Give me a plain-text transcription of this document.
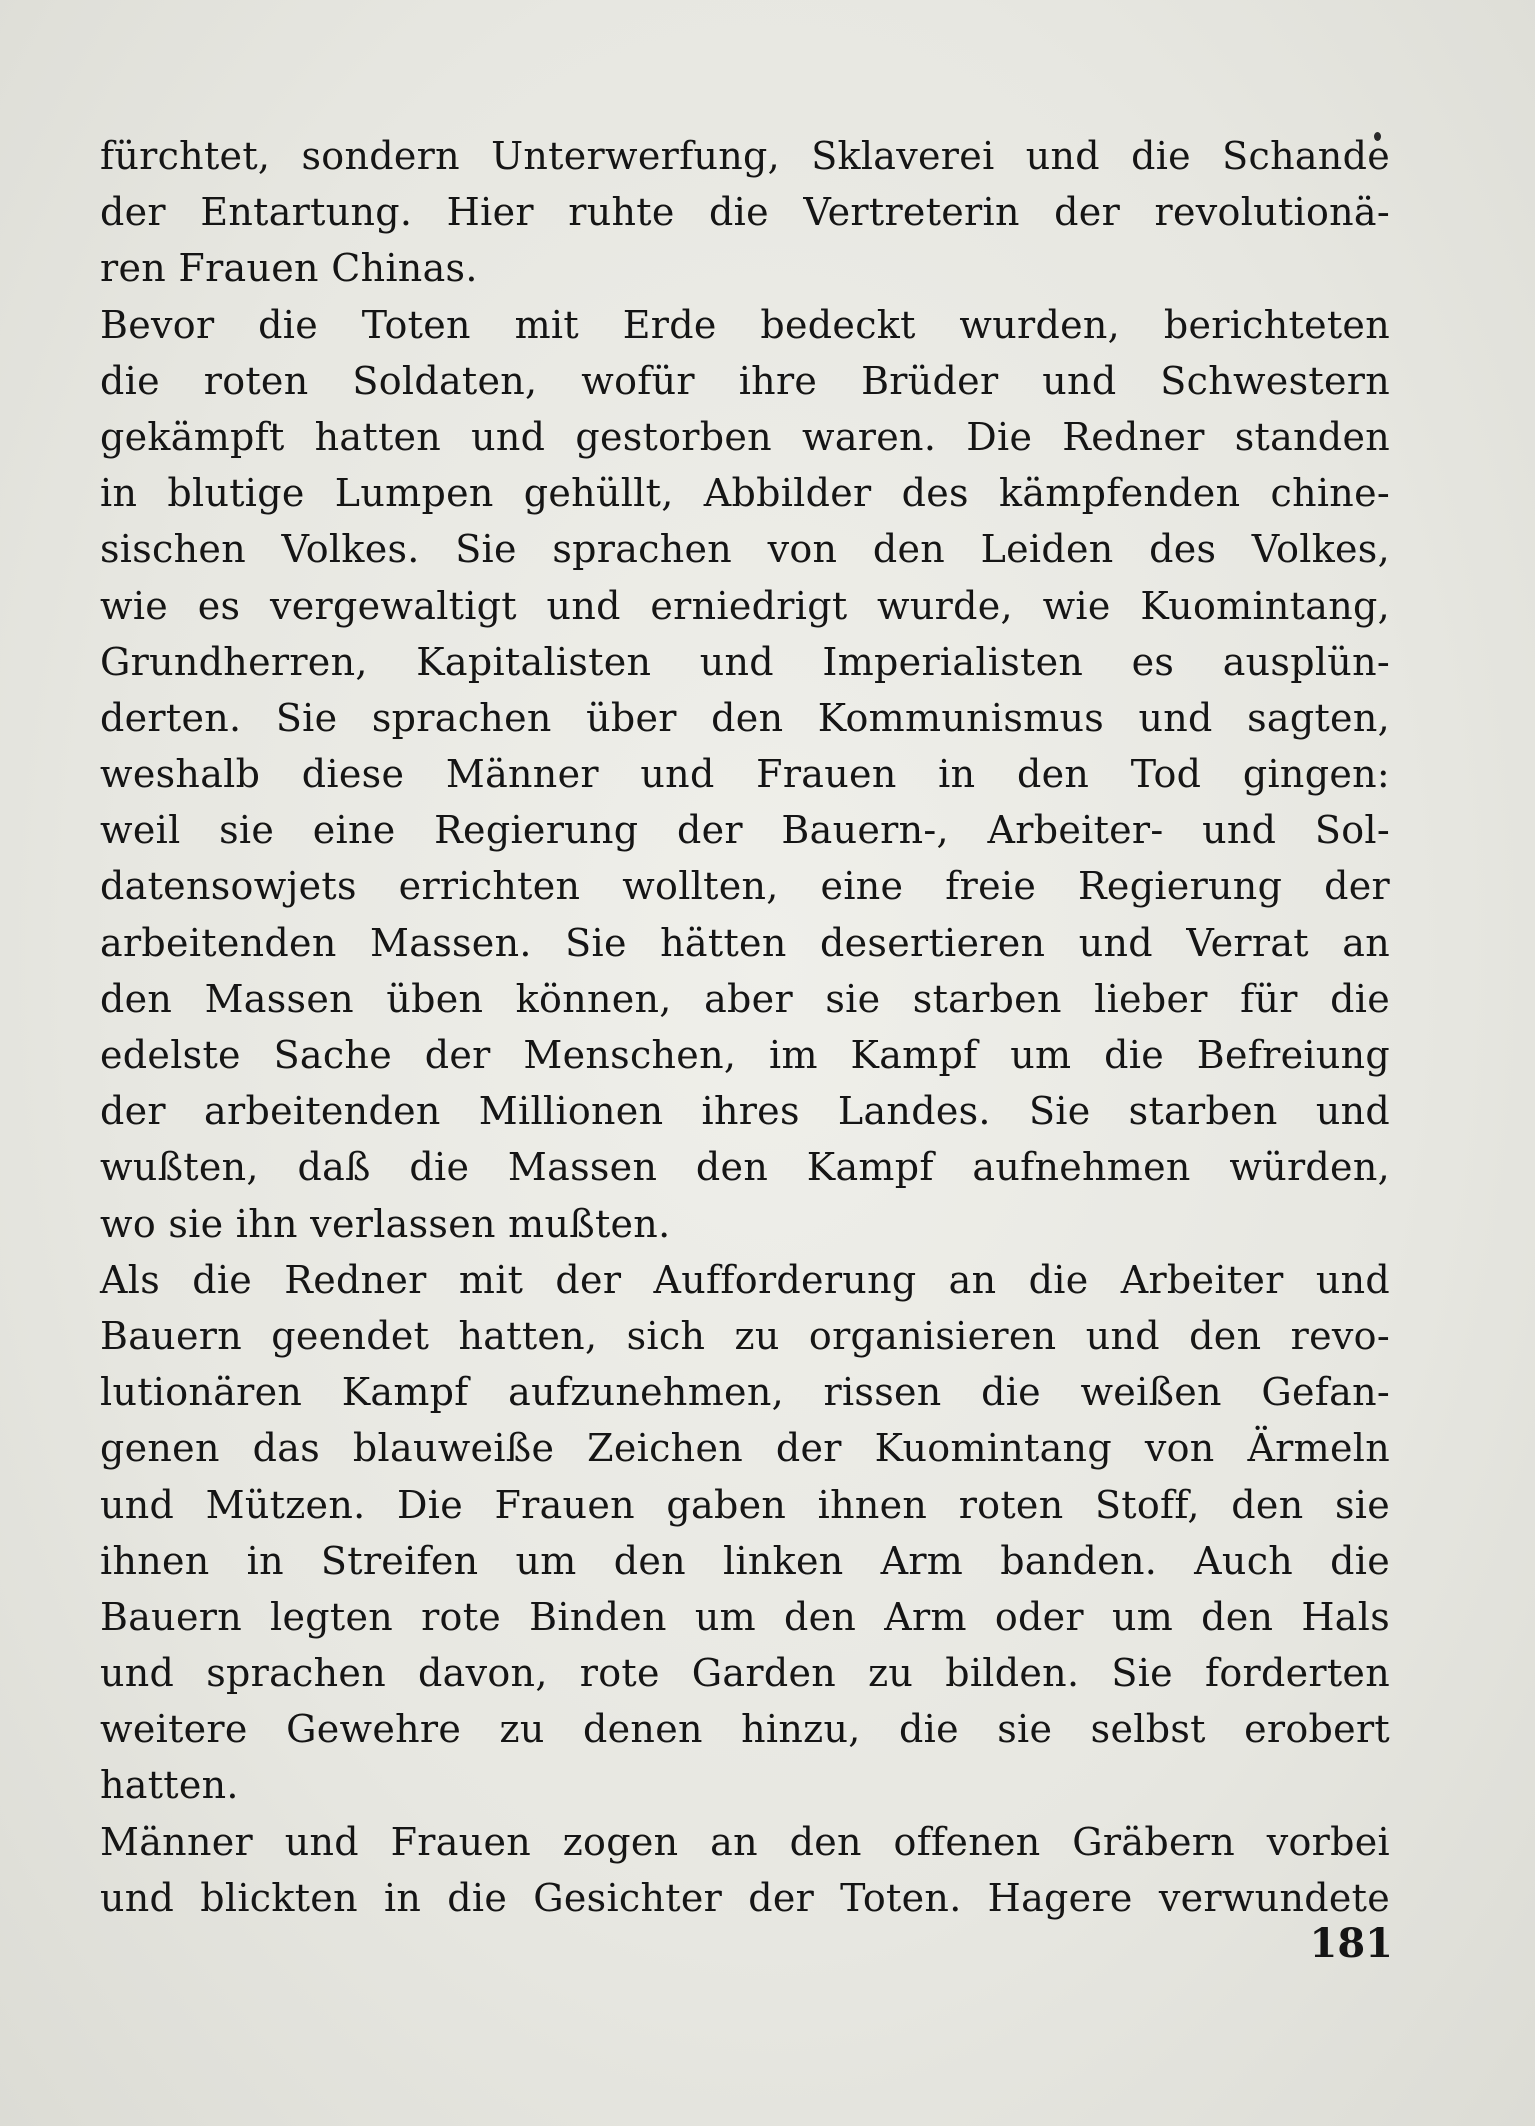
fürchtet, sondern Unterwerfung, Sklaverei und die Schande
der Entartung. Hier ruhte die Vertreterin der revolutionä-
ren Frauen Chinas.
Bevor die Toten mit Erde bedeckt wurden, berichteten
die roten Soldaten, wofür ihre Brüder und Schwestern
gekämpft hatten und gestorben waren. Die Redner standen
in blutige Lumpen gehüllt, Abbilder des kämpfenden chine-
sischen Volkes. Sie sprachen von den Leiden des Volkes,
wie es vergewaltigt und erniedrigt wurde, wie Kuomintang,
Grundherren, Kapitalisten und Imperialisten es ausplün-
derten. Sie sprachen über den Kommunismus und sagten,
weshalb diese Männer und Frauen in den Tod gingen:
weil sie eine Regierung der Bauern-, Arbeiter- und Sol-
datensowjets errichten wollten, eine freie Regierung der
arbeitenden Massen. Sie hätten desertieren und Verrat an
den Massen üben können, aber sie starben lieber für die
edelste Sache der Menschen, im Kampf um die Befreiung
der arbeitenden Millionen ihres Landes. Sie starben und
wußten, daß die Massen den Kampf aufnehmen würden,
wo sie ihn verlassen mußten.
Als die Redner mit der Aufforderung an die Arbeiter und
Bauern geendet hatten, sich zu organisieren und den revo-
lutionären Kampf aufzunehmen, rissen die weißen Gefan-
genen das blauweiße Zeichen der Kuomintang von Ärmeln
und Mützen. Die Frauen gaben ihnen roten Stoff, den sie
ihnen in Streifen um den linken Arm banden. Auch die
Bauern legten rote Binden um den Arm oder um den Hals
und sprachen davon, rote Garden zu bilden. Sie forderten
weitere Gewehre zu denen hinzu, die sie selbst erobert
hatten.
Männer und Frauen zogen an den offenen Gräbern vorbei
und blickten in die Gesichter der Toten. Hagere verwundete
181
